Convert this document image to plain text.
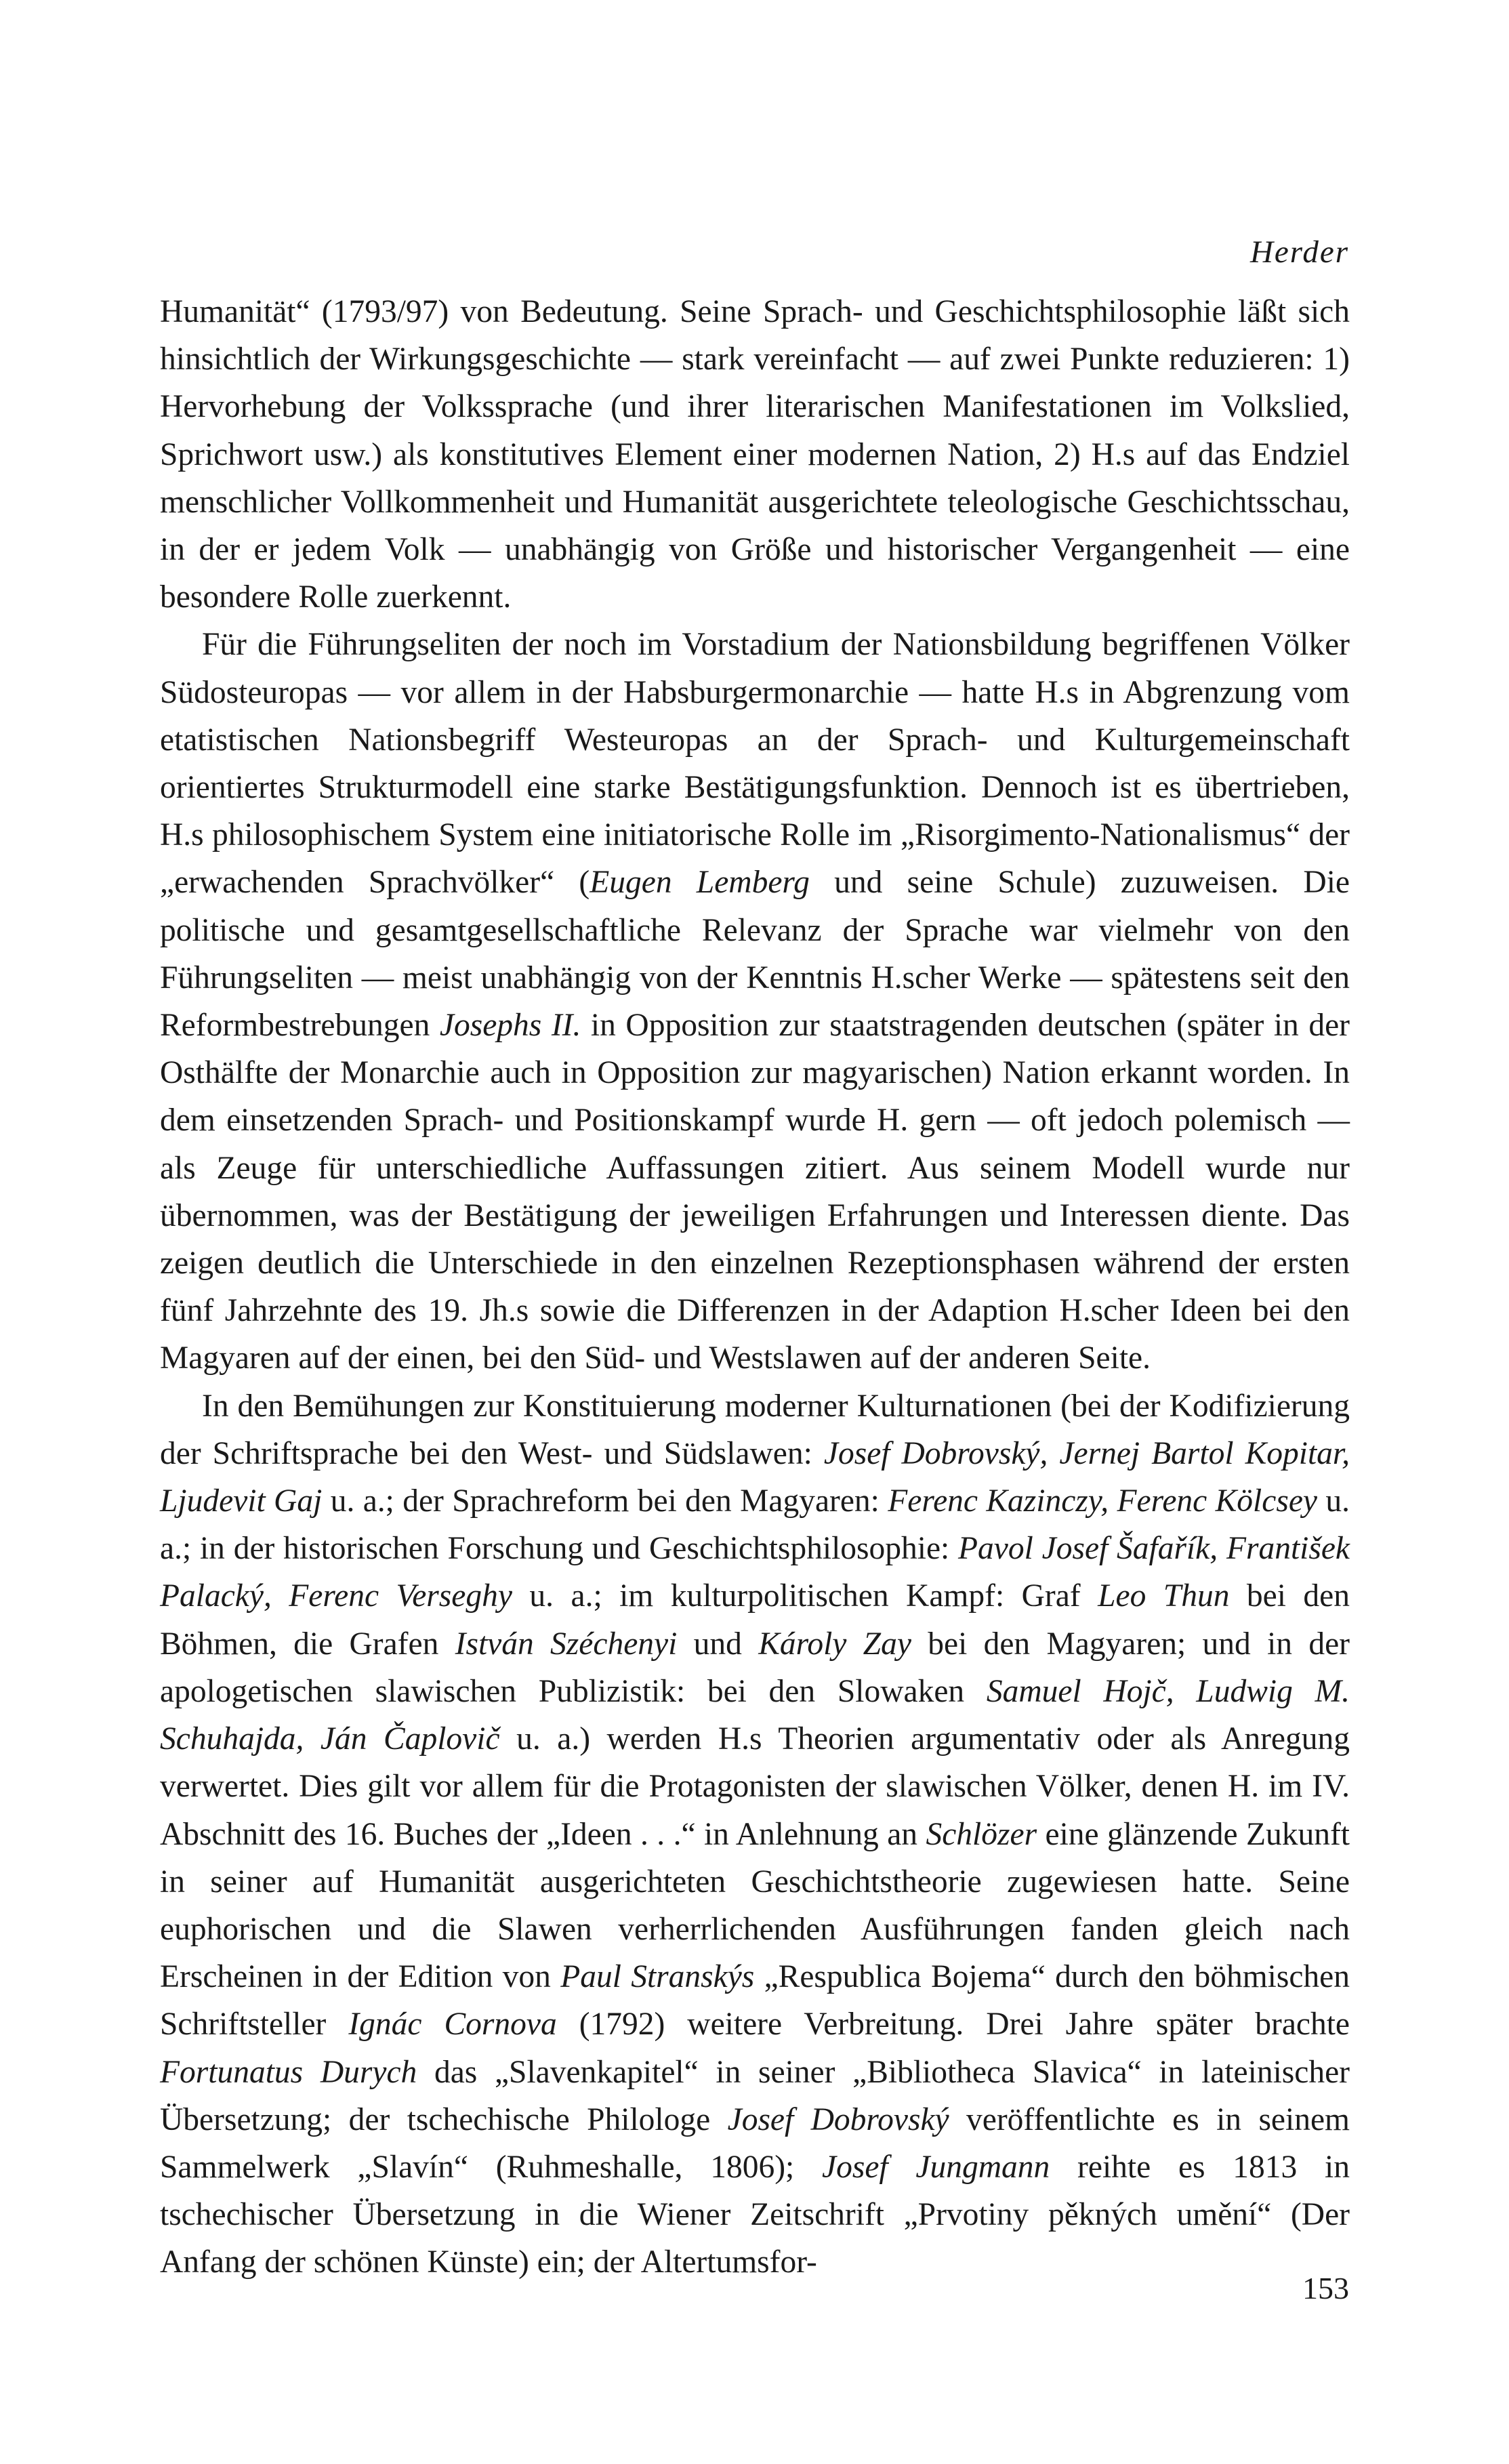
Herder

Humanität“ (1793/97) von Bedeutung. Seine Sprach- und Geschichtsphilosophie läßt sich hinsichtlich der Wirkungsgeschichte — stark vereinfacht — auf zwei Punkte reduzieren: 1) Hervorhebung der Volkssprache (und ihrer literarischen Manifestationen im Volkslied, Sprichwort usw.) als konstitutives Element einer modernen Nation, 2) H.s auf das Endziel menschlicher Vollkommenheit und Humanität ausgerichtete teleologische Geschichtsschau, in der er jedem Volk — unabhängig von Größe und historischer Vergangenheit — eine besondere Rolle zuerkennt.

Für die Führungseliten der noch im Vorstadium der Nationsbildung begriffenen Völker Südosteuropas — vor allem in der Habsburgermonarchie — hatte H.s in Abgrenzung vom etatistischen Nationsbegriff Westeuropas an der Sprach- und Kulturgemeinschaft orientiertes Strukturmodell eine starke Bestätigungsfunktion. Dennoch ist es übertrieben, H.s philosophischem System eine initiatorische Rolle im „Risorgimento-Nationalismus“ der „erwachenden Sprachvölker“ (Eugen Lemberg und seine Schule) zuzuweisen. Die politische und gesamtgesellschaftliche Relevanz der Sprache war vielmehr von den Führungseliten — meist unabhängig von der Kenntnis H.scher Werke — spätestens seit den Reformbestrebungen Josephs II. in Opposition zur staatstragenden deutschen (später in der Osthälfte der Monarchie auch in Opposition zur magyarischen) Nation erkannt worden. In dem einsetzenden Sprach- und Positionskampf wurde H. gern — oft jedoch polemisch — als Zeuge für unterschiedliche Auffassungen zitiert. Aus seinem Modell wurde nur übernommen, was der Bestätigung der jeweiligen Erfahrungen und Interessen diente. Das zeigen deutlich die Unterschiede in den einzelnen Rezeptionsphasen während der ersten fünf Jahrzehnte des 19. Jh.s sowie die Differenzen in der Adaption H.scher Ideen bei den Magyaren auf der einen, bei den Süd- und Westslawen auf der anderen Seite.

In den Bemühungen zur Konstituierung moderner Kulturnationen (bei der Kodifizierung der Schriftsprache bei den West- und Südslawen: Josef Dobrovský, Jernej Bartol Kopitar, Ljudevit Gaj u. a.; der Sprachreform bei den Magyaren: Ferenc Kazinczy, Ferenc Kölcsey u. a.; in der historischen Forschung und Geschichtsphilosophie: Pavol Josef Šafařík, František Palacký, Ferenc Verseghy u. a.; im kulturpolitischen Kampf: Graf Leo Thun bei den Böhmen, die Grafen István Széchenyi und Károly Zay bei den Magyaren; und in der apologetischen slawischen Publizistik: bei den Slowaken Samuel Hojč, Ludwig M. Schuhajda, Ján Čaplovič u. a.) werden H.s Theorien argumentativ oder als Anregung verwertet. Dies gilt vor allem für die Protagonisten der slawischen Völker, denen H. im IV. Abschnitt des 16. Buches der „Ideen . . .“ in Anlehnung an Schlözer eine glänzende Zukunft in seiner auf Humanität ausgerichteten Geschichtstheorie zugewiesen hatte. Seine euphorischen und die Slawen verherrlichenden Ausführungen fanden gleich nach Erscheinen in der Edition von Paul Stranskýs „Respublica Bojema“ durch den böhmischen Schriftsteller Ignác Cornova (1792) weitere Verbreitung. Drei Jahre später brachte Fortunatus Durych das „Slavenkapitel“ in seiner „Bibliotheca Slavica“ in lateinischer Übersetzung; der tschechische Philologe Josef Dobrovský veröffentlichte es in seinem Sammelwerk „Slavín“ (Ruhmeshalle, 1806); Josef Jungmann reihte es 1813 in tschechischer Übersetzung in die Wiener Zeitschrift „Prvotiny pěkných umění“ (Der Anfang der schönen Künste) ein; der Altertumsfor-

153
